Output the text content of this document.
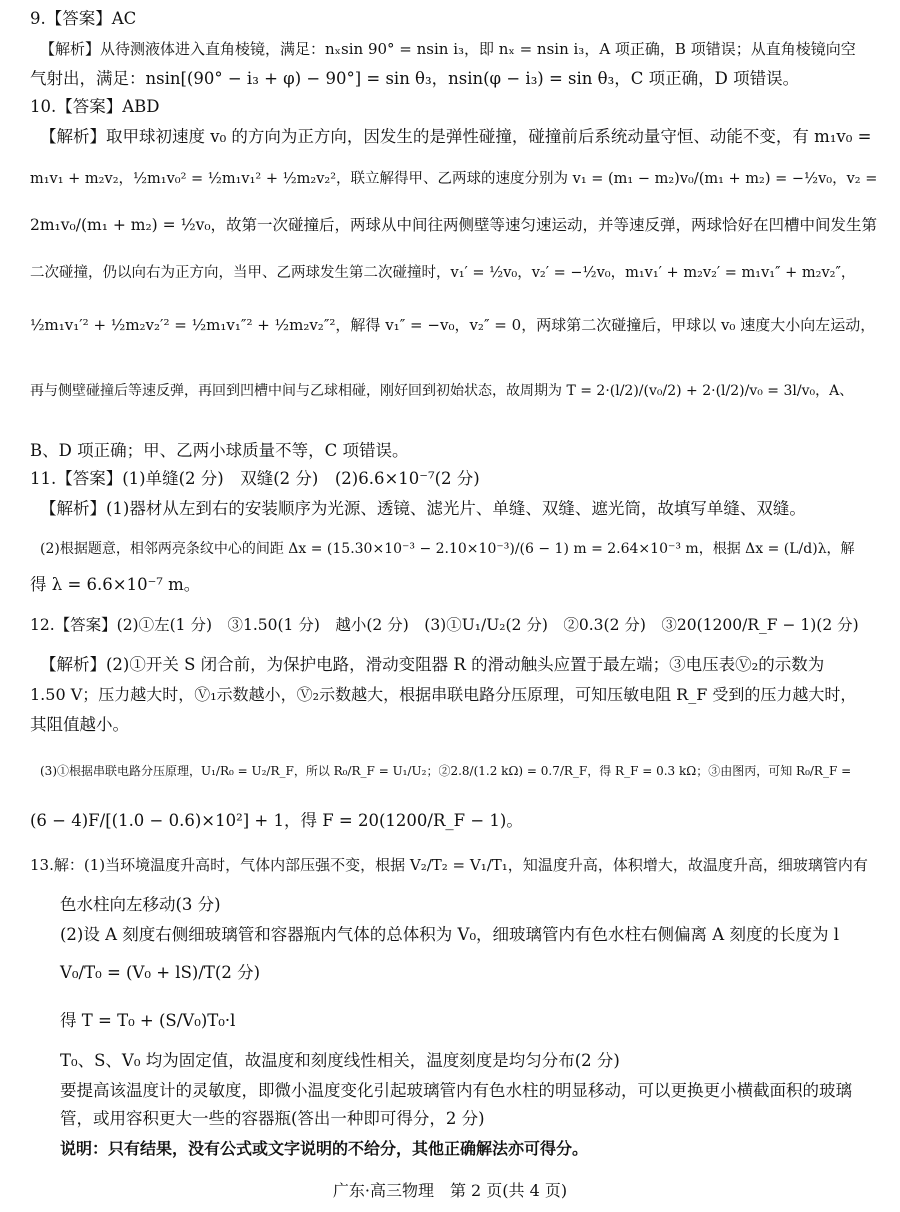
9.【答案】AC
【解析】从待测液体进入直角棱镜，满足：nₓsin 90° = nsin i₃，即 nₓ = nsin i₃，A 项正确，B 项错误；从直角棱镜向空
气射出，满足：nsin[(90° − i₃ + φ) − 90°] = sin θ₃，nsin(φ − i₃) = sin θ₃，C 项正确，D 项错误。
10.【答案】ABD
【解析】取甲球初速度 v₀ 的方向为正方向，因发生的是弹性碰撞，碰撞前后系统动量守恒、动能不变，有 m₁v₀ =
m₁v₁ + m₂v₂，½m₁v₀² = ½m₁v₁² + ½m₂v₂²，联立解得甲、乙两球的速度分别为 v₁ = (m₁ − m₂)v₀/(m₁ + m₂) = −½v₀，v₂ =
2m₁v₀/(m₁ + m₂) = ½v₀，故第一次碰撞后，两球从中间往两侧壁等速匀速运动，并等速反弹，两球恰好在凹槽中间发生第
二次碰撞，仍以向右为正方向，当甲、乙两球发生第二次碰撞时，v₁′ = ½v₀，v₂′ = −½v₀，m₁v₁′ + m₂v₂′ = m₁v₁″ + m₂v₂″，
½m₁v₁′² + ½m₂v₂′² = ½m₁v₁″² + ½m₂v₂″²，解得 v₁″ = −v₀，v₂″ = 0，两球第二次碰撞后，甲球以 v₀ 速度大小向左运动，
再与侧壁碰撞后等速反弹，再回到凹槽中间与乙球相碰，刚好回到初始状态，故周期为 T = 2·(l/2)/(v₀/2) + 2·(l/2)/v₀ = 3l/v₀，A、
B、D 项正确；甲、乙两小球质量不等，C 项错误。
11.【答案】(1)单缝(2 分)　双缝(2 分)　(2)6.6×10⁻⁷(2 分)
【解析】(1)器材从左到右的安装顺序为光源、透镜、滤光片、单缝、双缝、遮光筒，故填写单缝、双缝。
(2)根据题意，相邻两亮条纹中心的间距 Δx = (15.30×10⁻³ − 2.10×10⁻³)/(6 − 1) m = 2.64×10⁻³ m，根据 Δx = (L/d)λ，解
得 λ = 6.6×10⁻⁷ m。
12.【答案】(2)①左(1 分)　③1.50(1 分)　越小(2 分)　(3)①U₁/U₂(2 分)　②0.3(2 分)　③20(1200/R_F − 1)(2 分)
【解析】(2)①开关 S 闭合前，为保护电路，滑动变阻器 R 的滑动触头应置于最左端；③电压表Ⓥ₂的示数为
1.50 V；压力越大时，Ⓥ₁示数越小，Ⓥ₂示数越大，根据串联电路分压原理，可知压敏电阻 R_F 受到的压力越大时，
其阻值越小。
(3)①根据串联电路分压原理，U₁/R₀ = U₂/R_F，所以 R₀/R_F = U₁/U₂；②2.8/(1.2 kΩ) = 0.7/R_F，得 R_F = 0.3 kΩ；③由图丙，可知 R₀/R_F =
(6 − 4)F/[(1.0 − 0.6)×10²] + 1，得 F = 20(1200/R_F − 1)。
13.解：(1)当环境温度升高时，气体内部压强不变，根据 V₂/T₂ = V₁/T₁，知温度升高，体积增大，故温度升高，细玻璃管内有
色水柱向左移动(3 分)
(2)设 A 刻度右侧细玻璃管和容器瓶内气体的总体积为 V₀，细玻璃管内有色水柱右侧偏离 A 刻度的长度为 l
V₀/T₀ = (V₀ + lS)/T(2 分)
得 T = T₀ + (S/V₀)T₀·l
T₀、S、V₀ 均为固定值，故温度和刻度线性相关，温度刻度是均匀分布(2 分)
要提高该温度计的灵敏度，即微小温度变化引起玻璃管内有色水柱的明显移动，可以更换更小横截面积的玻璃
管，或用容积更大一些的容器瓶(答出一种即可得分，2 分)
说明：只有结果，没有公式或文字说明的不给分，其他正确解法亦可得分。
广东·高三物理　第 2 页(共 4 页)
